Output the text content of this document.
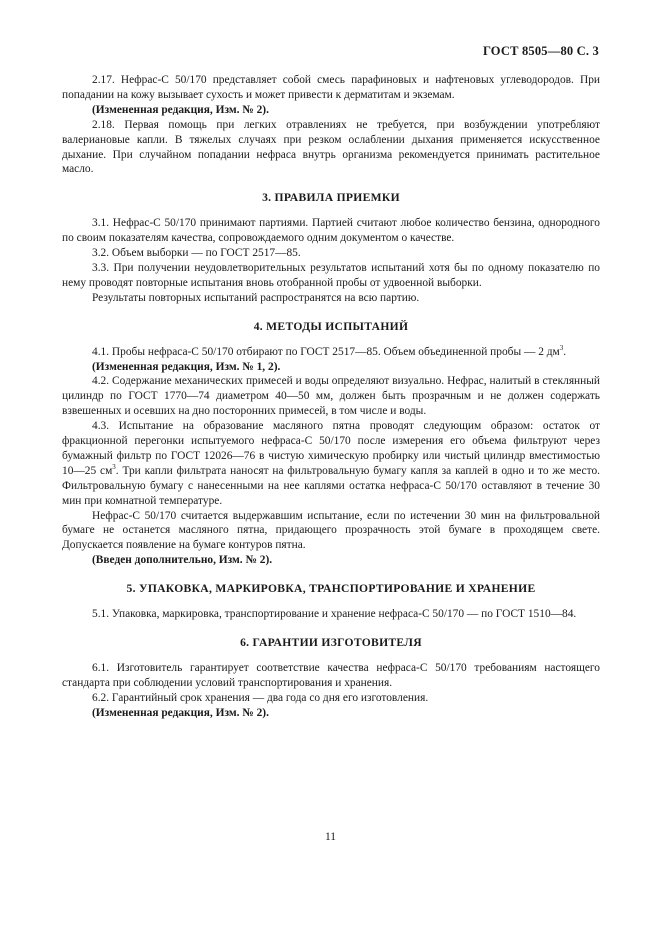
ГОСТ 8505—80 С. 3

2.17. Нефрас-С 50/170 представляет собой смесь парафиновых и нафтеновых углеводородов. При попадании на кожу вызывает сухость и может привести к дерматитам и экземам.

(Измененная редакция, Изм. № 2).

2.18. Первая помощь при легких отравлениях не требуется, при возбуждении употребляют валериановые капли. В тяжелых случаях при резком ослаблении дыхания применяется искусственное дыхание. При случайном попадании нефраса внутрь организма рекомендуется принимать растительное масло.

3. ПРАВИЛА ПРИЕМКИ

3.1. Нефрас-С 50/170 принимают партиями. Партией считают любое количество бензина, однородного по своим показателям качества, сопровождаемого одним документом о качестве.

3.2. Объем выборки — по ГОСТ 2517—85.

3.3. При получении неудовлетворительных результатов испытаний хотя бы по одному показателю по нему проводят повторные испытания вновь отобранной пробы от удвоенной выборки.

Результаты повторных испытаний распространятся на всю партию.

4. МЕТОДЫ ИСПЫТАНИЙ

4.1. Пробы нефраса-С 50/170 отбирают по ГОСТ 2517—85. Объем объединенной пробы — 2 $дм^3$.

(Измененная редакция, Изм. № 1, 2).

4.2. Содержание механических примесей и воды определяют визуально. Нефрас, налитый в стеклянный цилиндр по ГОСТ 1770—74 диаметром 40—50 мм, должен быть прозрачным и не должен содержать взвешенных и осевших на дно посторонних примесей, в том числе и воды.

4.3. Испытание на образование масляного пятна проводят следующим образом: остаток от фракционной перегонки испытуемого нефраса-С 50/170 после измерения его объема фильтруют через бумажный фильтр по ГОСТ 12026—76 в чистую химическую пробирку или чистый цилиндр вместимостью 10—25 $см^3$. Три капли фильтрата наносят на фильтровальную бумагу капля за каплей в одно и то же место. Фильтровальную бумагу с нанесенными на нее каплями остатка нефраса-С 50/170 оставляют в течение 30 мин при комнатной температуре.

Нефрас-С 50/170 считается выдержавшим испытание, если по истечении 30 мин на фильтровальной бумаге не останется масляного пятна, придающего прозрачность этой бумаге в проходящем свете. Допускается появление на бумаге контуров пятна.

(Введен дополнительно, Изм. № 2).

5. УПАКОВКА, МАРКИРОВКА, ТРАНСПОРТИРОВАНИЕ И ХРАНЕНИЕ

5.1. Упаковка, маркировка, транспортирование и хранение нефраса-С 50/170 — по ГОСТ 1510—84.

6. ГАРАНТИИ ИЗГОТОВИТЕЛЯ

6.1. Изготовитель гарантирует соответствие качества нефраса-С 50/170 требованиям настоящего стандарта при соблюдении условий транспортирования и хранения.

6.2. Гарантийный срок хранения — два года со дня его изготовления.

(Измененная редакция, Изм. № 2).

11
